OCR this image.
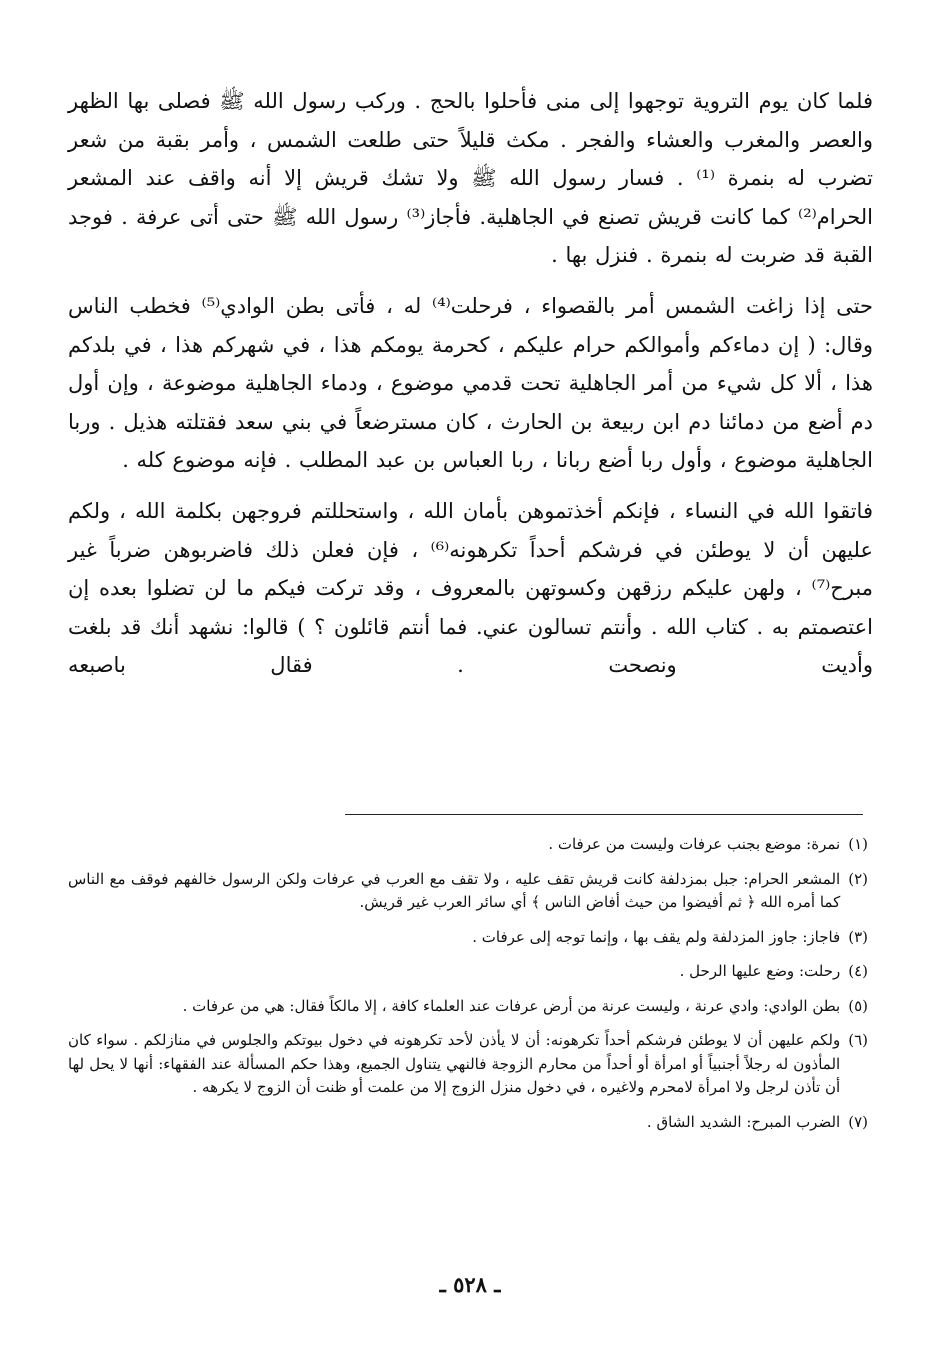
فلما كان يوم التروية توجهوا إلى منى فأحلوا بالحج . وركب رسول الله ﷺ فصلى بها الظهر والعصر والمغرب والعشاء والفجر . مكث قليلاً حتى طلعت الشمس ، وأمر بقبة من شعر تضرب له بنمرة ⁽¹⁾ . فسار رسول الله ﷺ ولا تشك قريش إلا أنه واقف عند المشعر الحرام⁽²⁾ كما كانت قريش تصنع في الجاهلية. فأجاز⁽³⁾ رسول الله ﷺ حتى أتى عرفة . فوجد القبة قد ضربت له بنمرة . فنزل بها .

حتى إذا زاغت الشمس أمر بالقصواء ، فرحلت⁽⁴⁾ له ، فأتى بطن الوادي⁽⁵⁾ فخطب الناس وقال: ( إن دماءكم وأموالكم حرام عليكم ، كحرمة يومكم هذا ، في شهركم هذا ، في بلدكم هذا ، ألا كل شيء من أمر الجاهلية تحت قدمي موضوع ، ودماء الجاهلية موضوعة ، وإن أول دم أضع من دمائنا دم ابن ربيعة بن الحارث ، كان مسترضعاً في بني سعد فقتلته هذيل . وربا الجاهلية موضوع ، وأول ربا أضع ربانا ، ربا العباس بن عبد المطلب . فإنه موضوع كله .

فاتقوا الله في النساء ، فإنكم أخذتموهن بأمان الله ، واستحللتم فروجهن بكلمة الله ، ولكم عليهن أن لا يوطئن في فرشكم أحداً تكرهونه⁽⁶⁾ ، فإن فعلن ذلك فاضربوهن ضرباً غير مبرح⁽⁷⁾ ، ولهن عليكم رزقهن وكسوتهن بالمعروف ، وقد تركت فيكم ما لن تضلوا بعده إن اعتصمتم به . كتاب الله . وأنتم تسالون عني. فما أنتم قائلون ؟ ) قالوا: نشهد أنك قد بلغت وأديت ونصحت . فقال باصبعه

(١)
نمرة: موضع بجنب عرفات وليست من عرفات .
(٢)
المشعر الحرام: جبل بمزدلفة كانت قريش تقف عليه ، ولا تقف مع العرب في عرفات ولكن الرسول خالفهم فوقف مع الناس كما أمره الله ﴿ ثم أفيضوا من حيث أفاض الناس ﴾ أي سائر العرب غير قريش.
(٣)
فاجاز: جاوز المزدلفة ولم يقف بها ، وإنما توجه إلى عرفات .
(٤)
رحلت: وضع عليها الرحل .
(٥)
بطن الوادي: وادي عرنة ، وليست عرنة من أرض عرفات عند العلماء كافة ، إلا مالكاً فقال: هي من عرفات .
(٦)
ولكم عليهن أن لا يوطئن فرشكم أحداً تكرهونه: أن لا يأذن لأحد تكرهونه في دخول بيوتكم والجلوس في منازلكم . سواء كان المأذون له رجلاً أجنبياً أو امرأة أو أحداً من محارم الزوجة فالنهي يتناول الجميع، وهذا حكم المسألة عند الفقهاء: أنها لا يحل لها أن تأذن لرجل ولا امرأة لامحرم ولاغيره ، في دخول منزل الزوج إلا من علمت أو ظنت أن الزوج لا يكرهه .
(٧)
الضرب المبرح: الشديد الشاق .
ـ ٥٢٨ ـ
